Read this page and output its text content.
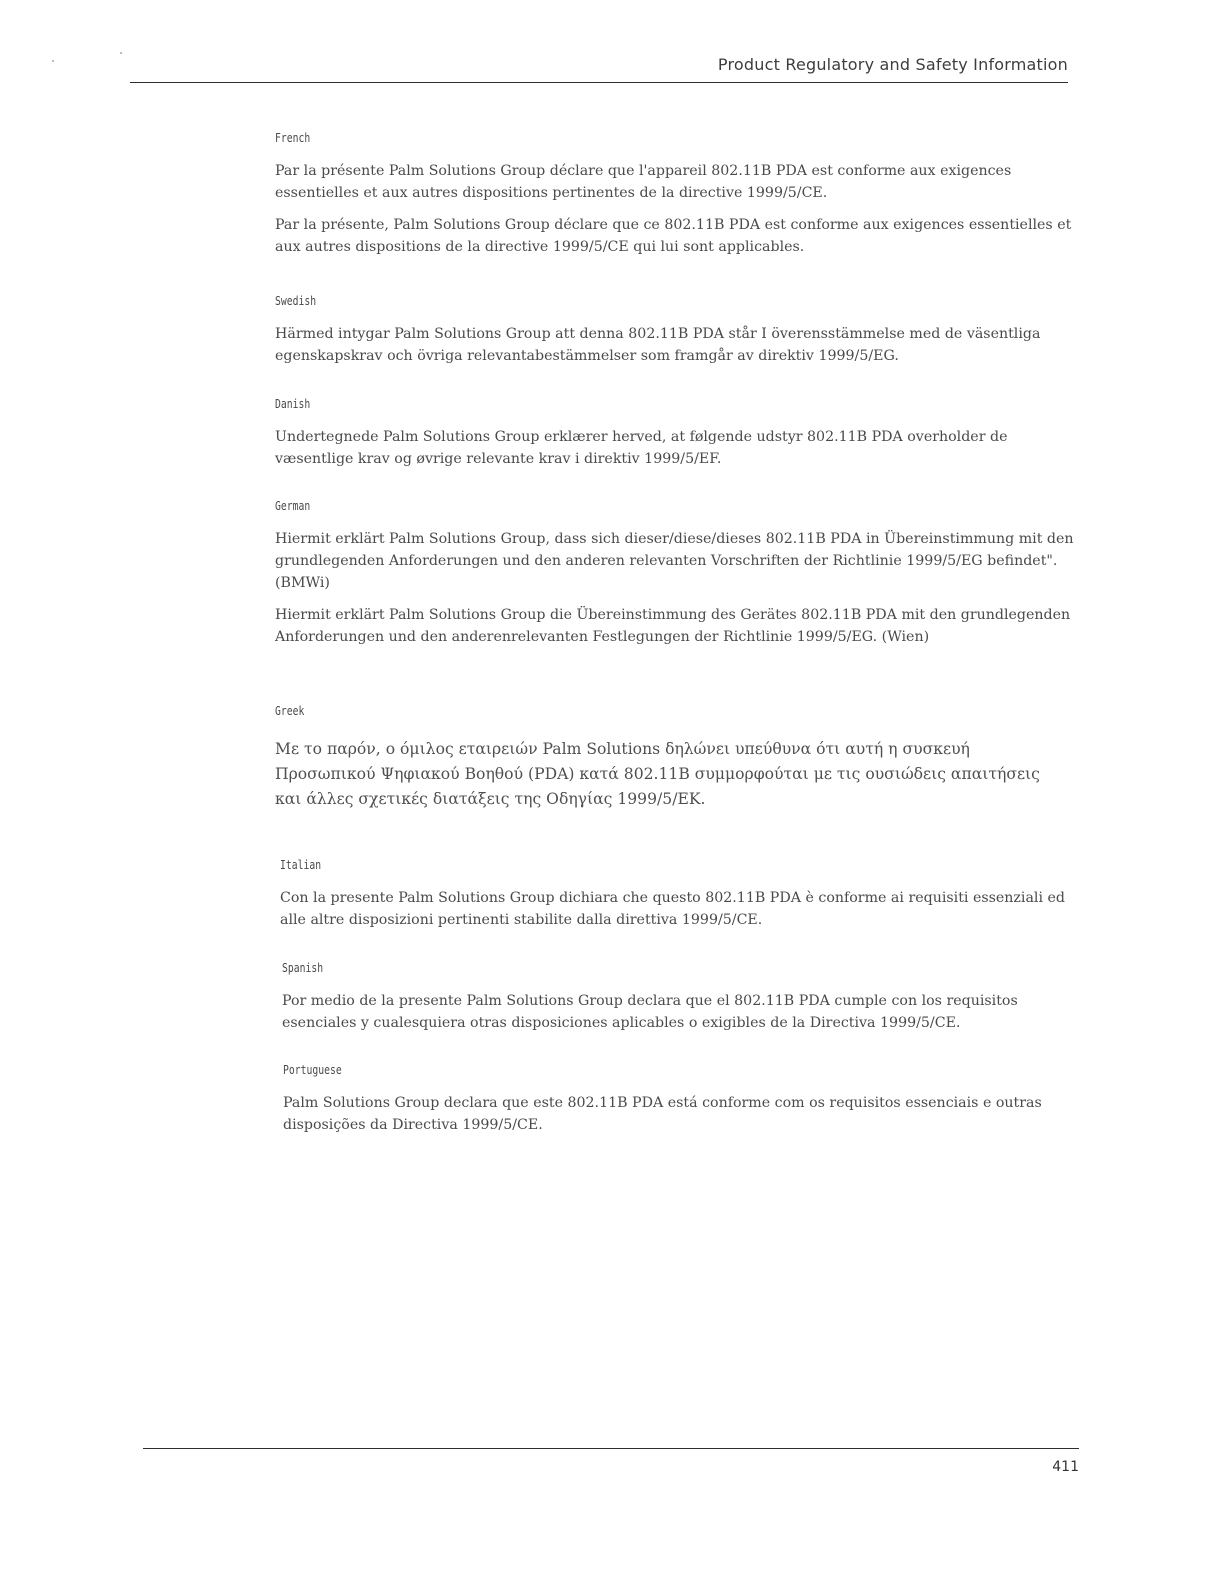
Product Regulatory and Safety Information
French

Par la présente Palm Solutions Group déclare que l'appareil 802.11B PDA est conforme aux exigences essentielles et aux autres dispositions pertinentes de la directive 1999/5/CE.

Par la présente, Palm Solutions Group déclare que ce 802.11B PDA est conforme aux exigences essentielles et aux autres dispositions de la directive 1999/5/CE qui lui sont applicables.

Swedish

Härmed intygar Palm Solutions Group att denna 802.11B PDA står I överensstämmelse med de väsentliga egenskapskrav och övriga relevantabestämmelser som framgår av direktiv 1999/5/EG.

Danish

Undertegnede Palm Solutions Group erklærer herved, at følgende udstyr 802.11B PDA overholder de væsentlige krav og øvrige relevante krav i direktiv 1999/5/EF.

German

Hiermit erklärt Palm Solutions Group, dass sich dieser/diese/dieses 802.11B PDA in Übereinstimmung mit den grundlegenden Anforderungen und den anderen relevanten Vorschriften der Richtlinie 1999/5/EG befindet". (BMWi)

Hiermit erklärt Palm Solutions Group die Übereinstimmung des Gerätes 802.11B PDA mit den grundlegenden Anforderungen und den anderenrelevanten Festlegungen der Richtlinie 1999/5/EG. (Wien)

Greek

Με το παρόν, ο όμιλος εταιρειών Palm Solutions δηλώνει υπεύθυνα ότι αυτή η συσκευή Προσωπικού Ψηφιακού Βοηθού (PDA) κατά 802.11B συμμορφούται με τις ουσιώδεις απαιτήσεις και άλλες σχετικές διατάξεις της Οδηγίας 1999/5/ΕΚ.

Italian

Con la presente Palm Solutions Group dichiara che questo 802.11B PDA è conforme ai requisiti essenziali ed alle altre disposizioni pertinenti stabilite dalla direttiva 1999/5/CE.

Spanish

Por medio de la presente Palm Solutions Group declara que el 802.11B PDA cumple con los requisitos esenciales y cualesquiera otras disposiciones aplicables o exigibles de la Directiva 1999/5/CE.

Portuguese

Palm Solutions Group declara que este 802.11B PDA está conforme com os requisitos essenciais e outras disposições da Directiva 1999/5/CE.

411
